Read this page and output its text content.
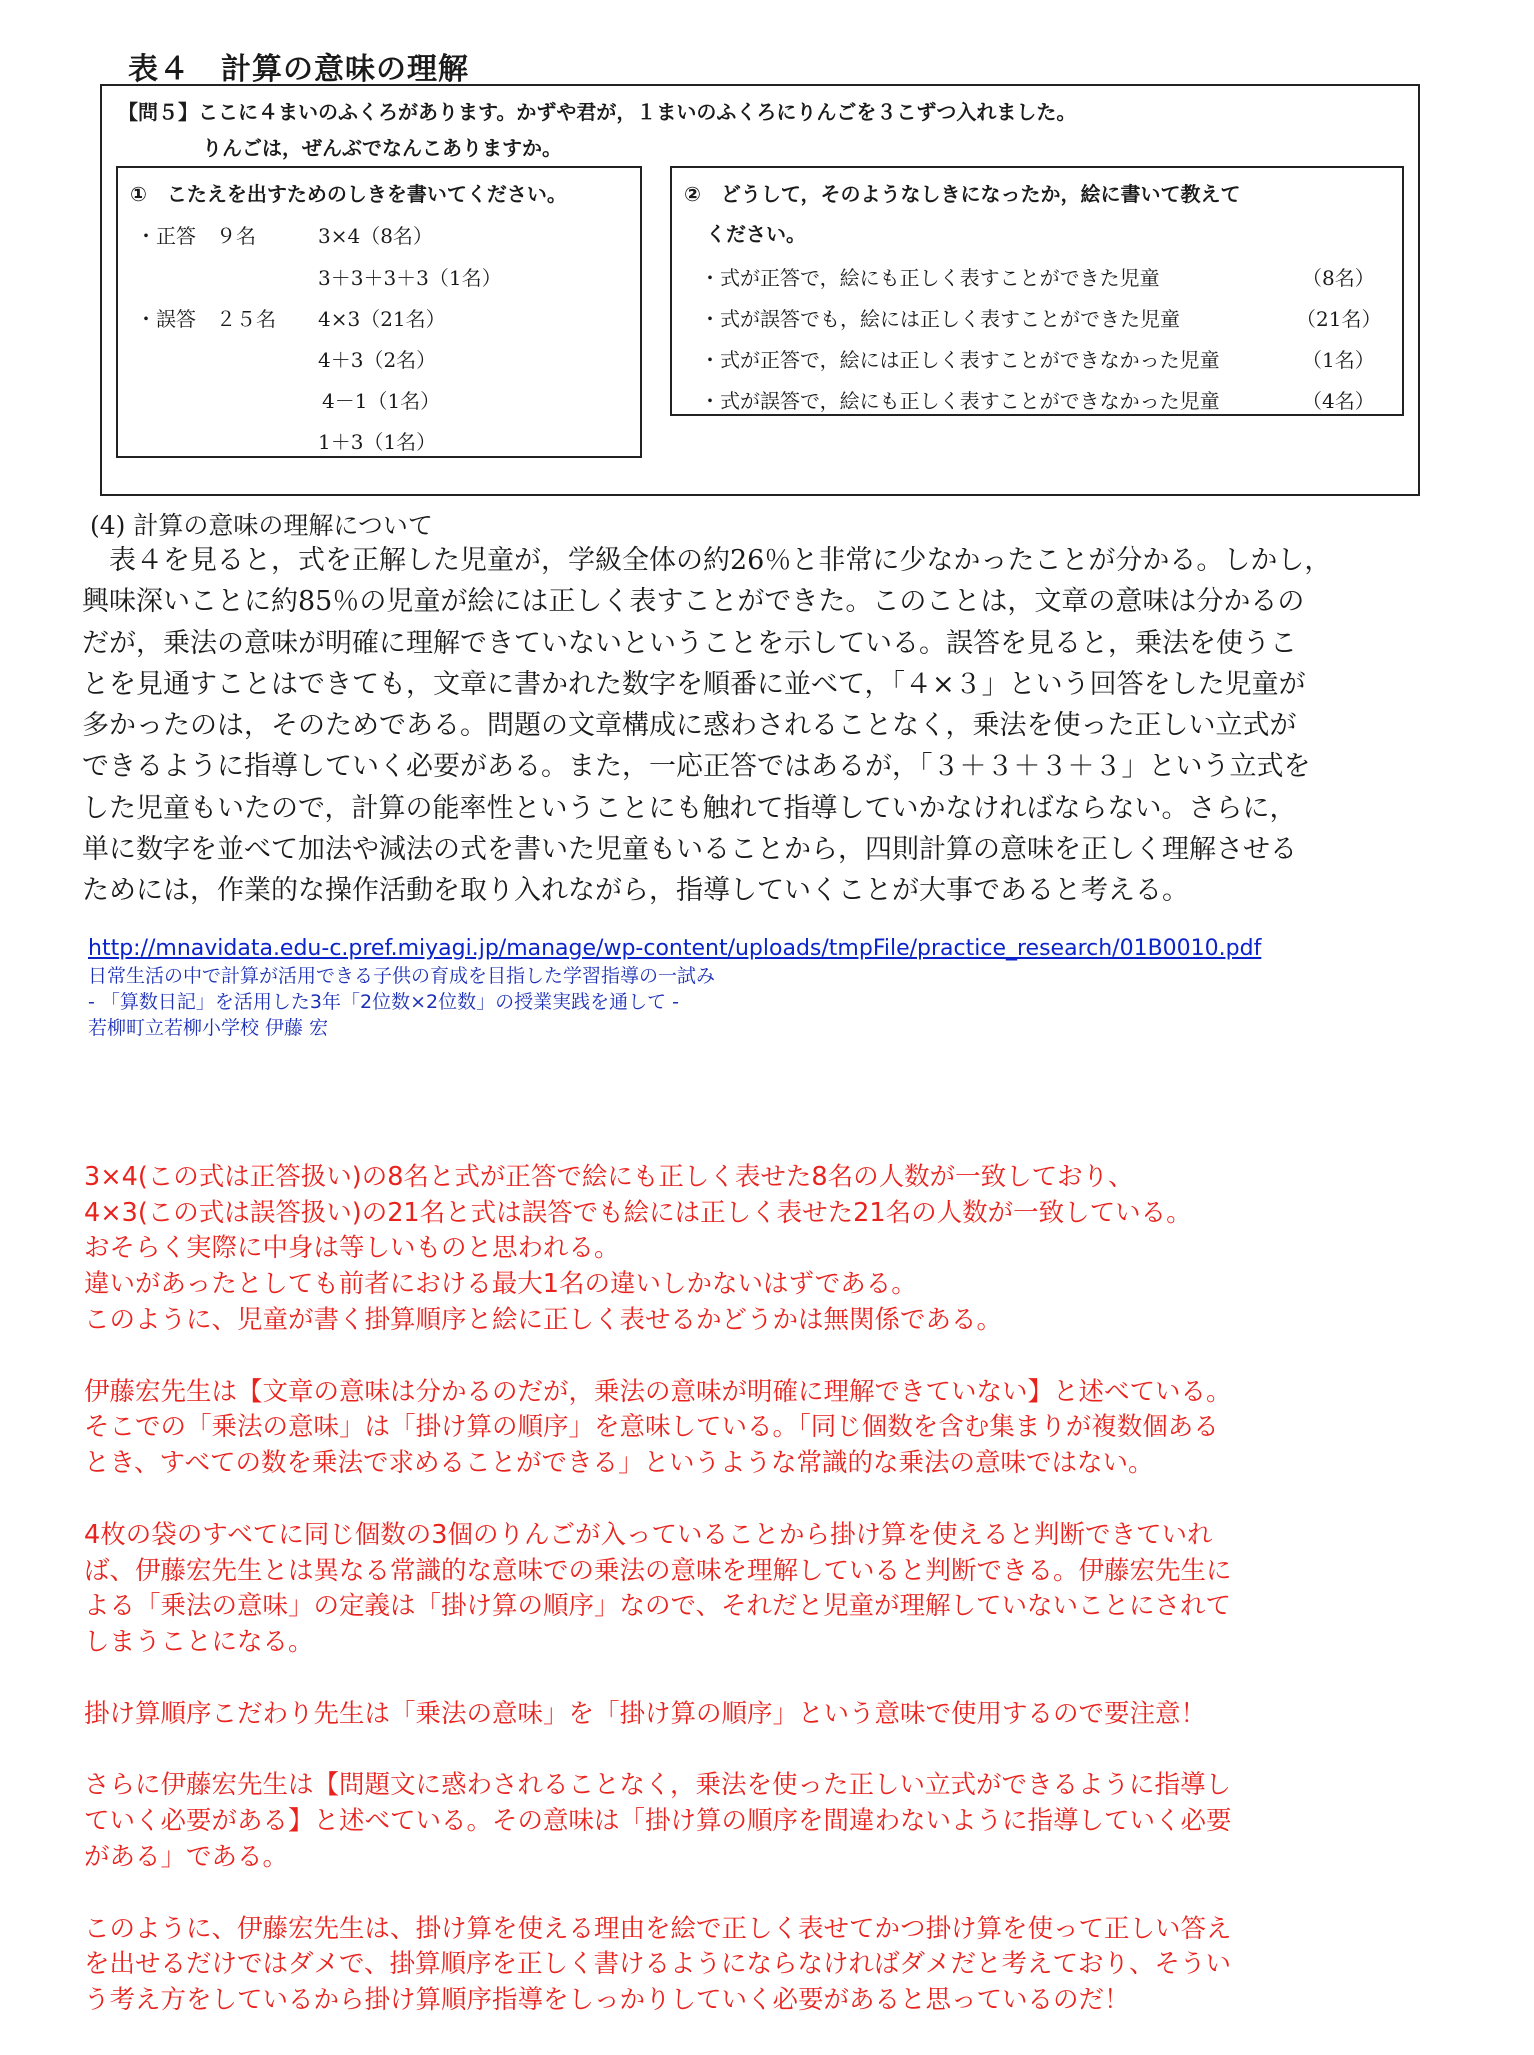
表４　計算の意味の理解
【問５】ここに４まいのふくろがあります。かずや君が，１まいのふくろにりんごを３こずつ入れました。
りんごは，ぜんぶでなんこありますか。
①　こたえを出すためのしきを書いてください。
・正答　９名	3×4（8名）
3＋3＋3＋3（1名）
・誤答　２５名 4×3（21名）
4＋3（2名）
4－1（1名）
1＋3（1名）
②　どうして，そのようなしきになったか，絵に書いて教えて
ください。
・式が正答で，絵にも正しく表すことができた児童	（8名）
・式が誤答でも，絵には正しく表すことができた児童	（21名）
・式が正答で，絵には正しく表すことができなかった児童	（1名）
・式が誤答で，絵にも正しく表すことができなかった児童	（4名）
(4) 計算の意味の理解について
　表４を見ると，式を正解した児童が，学級全体の約26％と非常に少なかったことが分かる。しかし，
興味深いことに約85％の児童が絵には正しく表すことができた。このことは，文章の意味は分かるの
だが，乗法の意味が明確に理解できていないということを示している。誤答を見ると，乗法を使うこ
とを見通すことはできても，文章に書かれた数字を順番に並べて，「４×３」という回答をした児童が
多かったのは，そのためである。問題の文章構成に惑わされることなく，乗法を使った正しい立式が
できるように指導していく必要がある。また，一応正答ではあるが，「３＋３＋３＋３」という立式を
した児童もいたので，計算の能率性ということにも触れて指導していかなければならない。さらに，
単に数字を並べて加法や減法の式を書いた児童もいることから，四則計算の意味を正しく理解させる
ためには，作業的な操作活動を取り入れながら，指導していくことが大事であると考える。
http://mnavidata.edu-c.pref.miyagi.jp/manage/wp-content/uploads/tmpFile/practice_research/01B0010.pdf
日常生活の中で計算が活用できる子供の育成を目指した学習指導の一試み
- 「算数日記」を活用した3年「2位数×2位数」の授業実践を通して -
若柳町立若柳小学校 伊藤 宏

3×4(この式は正答扱い)の8名と式が正答で絵にも正しく表せた8名の人数が一致しており、
4×3(この式は誤答扱い)の21名と式は誤答でも絵には正しく表せた21名の人数が一致している。
おそらく実際に中身は等しいものと思われる。
違いがあったとしても前者における最大1名の違いしかないはずである。
このように、児童が書く掛算順序と絵に正しく表せるかどうかは無関係である。

伊藤宏先生は【文章の意味は分かるのだが，乗法の意味が明確に理解できていない】と述べている。
そこでの「乗法の意味」は「掛け算の順序」を意味している。「同じ個数を含む集まりが複数個ある
とき、すべての数を乗法で求めることができる」というような常識的な乗法の意味ではない。

4枚の袋のすべてに同じ個数の3個のりんごが入っていることから掛け算を使えると判断できていれ
ば、伊藤宏先生とは異なる常識的な意味での乗法の意味を理解していると判断できる。伊藤宏先生に
よる「乗法の意味」の定義は「掛け算の順序」なので、それだと児童が理解していないことにされて
しまうことになる。

掛け算順序こだわり先生は「乗法の意味」を「掛け算の順序」という意味で使用するので要注意！

さらに伊藤宏先生は【問題文に惑わされることなく，乗法を使った正しい立式ができるように指導し
ていく必要がある】と述べている。その意味は「掛け算の順序を間違わないように指導していく必要
がある」である。

このように、伊藤宏先生は、掛け算を使える理由を絵で正しく表せてかつ掛け算を使って正しい答え
を出せるだけではダメで、掛算順序を正しく書けるようにならなければダメだと考えており、そうい
う考え方をしているから掛け算順序指導をしっかりしていく必要があると思っているのだ！
